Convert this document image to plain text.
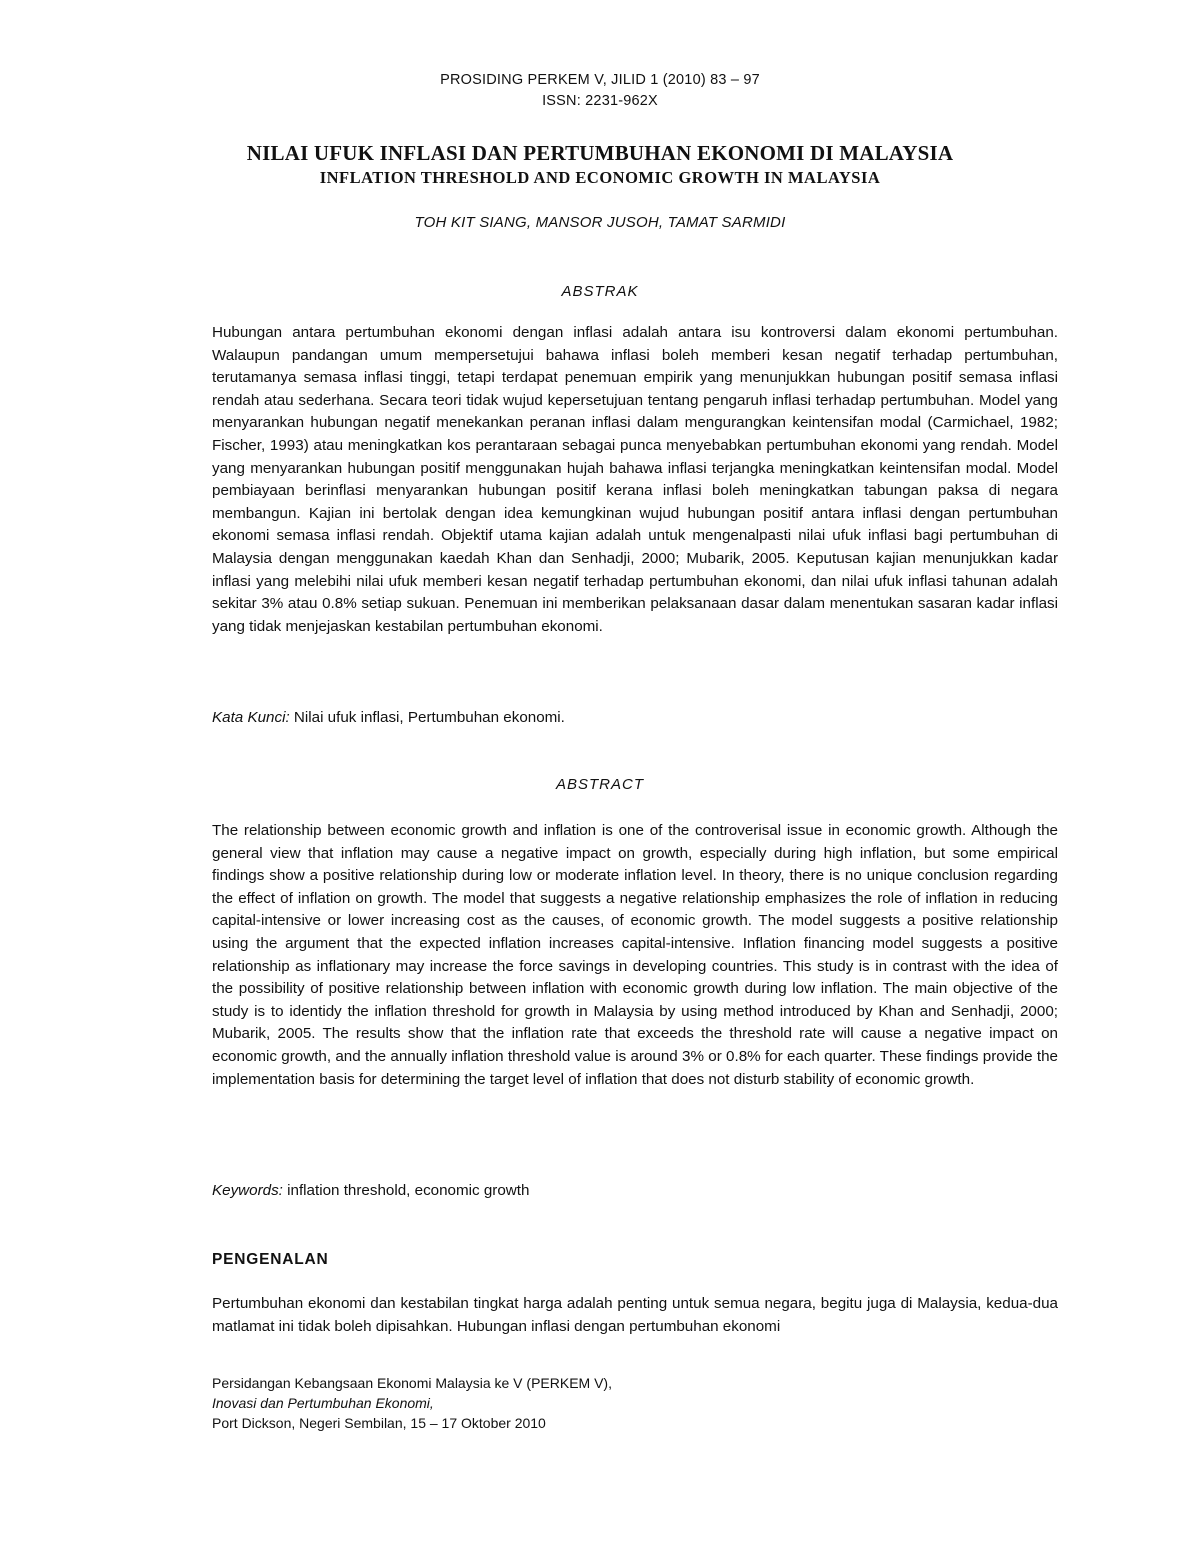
PROSIDING PERKEM V, JILID 1 (2010) 83 – 97
ISSN: 2231-962X
NILAI UFUK INFLASI DAN PERTUMBUHAN EKONOMI DI MALAYSIA
INFLATION THRESHOLD AND ECONOMIC GROWTH IN MALAYSIA
TOH KIT SIANG, MANSOR JUSOH, TAMAT SARMIDI
ABSTRAK

Hubungan antara pertumbuhan ekonomi dengan inflasi adalah antara isu kontroversi dalam ekonomi pertumbuhan. Walaupun pandangan umum mempersetujui bahawa inflasi boleh memberi kesan negatif terhadap pertumbuhan, terutamanya semasa inflasi tinggi, tetapi terdapat penemuan empirik yang menunjukkan hubungan positif semasa inflasi rendah atau sederhana. Secara teori tidak wujud kepersetujuan tentang pengaruh inflasi terhadap pertumbuhan. Model yang menyarankan hubungan negatif menekankan peranan inflasi dalam mengurangkan keintensifan modal (Carmichael, 1982; Fischer, 1993) atau meningkatkan kos perantaraan sebagai punca menyebabkan pertumbuhan ekonomi yang rendah. Model yang menyarankan hubungan positif menggunakan hujah bahawa inflasi terjangka meningkatkan keintensifan modal. Model pembiayaan berinflasi menyarankan hubungan positif kerana inflasi boleh meningkatkan tabungan paksa di negara membangun. Kajian ini bertolak dengan idea kemungkinan wujud hubungan positif antara inflasi dengan pertumbuhan ekonomi semasa inflasi rendah. Objektif utama kajian adalah untuk mengenalpasti nilai ufuk inflasi bagi pertumbuhan di Malaysia dengan menggunakan kaedah Khan dan Senhadji, 2000; Mubarik, 2005. Keputusan kajian menunjukkan kadar inflasi yang melebihi nilai ufuk memberi kesan negatif terhadap pertumbuhan ekonomi, dan nilai ufuk inflasi tahunan adalah sekitar 3% atau 0.8% setiap sukuan. Penemuan ini memberikan pelaksanaan dasar dalam menentukan sasaran kadar inflasi yang tidak menjejaskan kestabilan pertumbuhan ekonomi.

Kata Kunci: Nilai ufuk inflasi, Pertumbuhan ekonomi.
ABSTRACT

The relationship between economic growth and inflation is one of the controverisal issue in economic growth. Although the general view that inflation may cause a negative impact on growth, especially during high inflation, but some empirical findings show a positive relationship during low or moderate inflation level. In theory, there is no unique conclusion regarding the effect of inflation on growth. The model that suggests a negative relationship emphasizes the role of inflation in reducing capital-intensive or lower increasing cost as the causes, of economic growth. The model suggests a positive relationship using the argument that the expected inflation increases capital-intensive. Inflation financing model suggests a positive relationship as inflationary may increase the force savings in developing countries. This study is in contrast with the idea of the possibility of positive relationship between inflation with economic growth during low inflation. The main objective of the study is to identidy the inflation threshold for growth in Malaysia by using method introduced by Khan and Senhadji, 2000; Mubarik, 2005. The results show that the inflation rate that exceeds the threshold rate will cause a negative impact on economic growth, and the annually inflation threshold value is around 3% or 0.8% for each quarter. These findings provide the implementation basis for determining the target level of inflation that does not disturb stability of economic growth.

Keywords: inflation threshold, economic growth
PENGENALAN

Pertumbuhan ekonomi dan kestabilan tingkat harga adalah penting untuk semua negara, begitu juga di Malaysia, kedua-dua matlamat ini tidak boleh dipisahkan. Hubungan inflasi dengan pertumbuhan ekonomi

Persidangan Kebangsaan Ekonomi Malaysia ke V (PERKEM V),
Inovasi dan Pertumbuhan Ekonomi,
Port Dickson, Negeri Sembilan, 15 – 17 Oktober 2010
